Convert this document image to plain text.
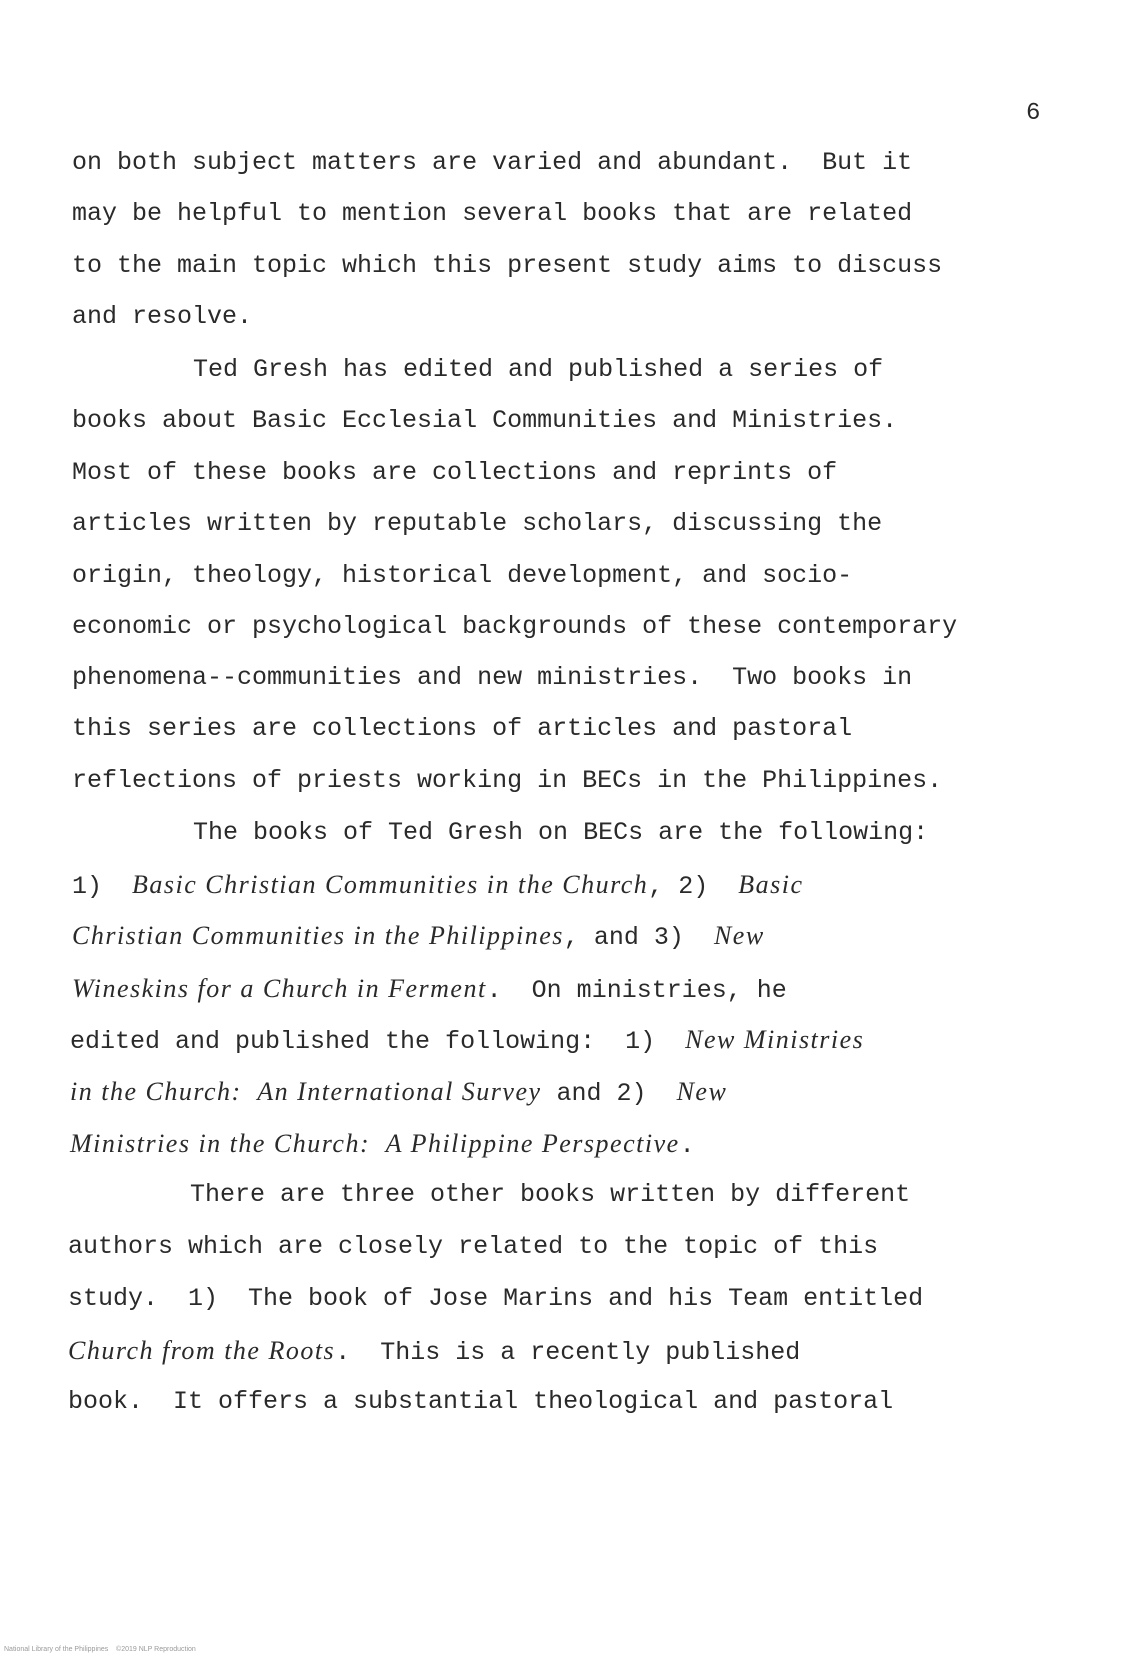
6
on both subject matters are varied and abundant.  But it
may be helpful to mention several books that are related
to the main topic which this present study aims to discuss
and resolve.
Ted Gresh has edited and published a series of
books about Basic Ecclesial Communities and Ministries.
Most of these books are collections and reprints of
articles written by reputable scholars, discussing the
origin, theology, historical development, and socio-
economic or psychological backgrounds of these contemporary
phenomena--communities and new ministries.  Two books in
this series are collections of articles and pastoral
reflections of priests working in BECs in the Philippines.
The books of Ted Gresh on BECs are the following:
1)  Basic Christian Communities in the Church, 2)  Basic
Christian Communities in the Philippines, and 3)  New
Wineskins for a Church in Ferment.  On ministries, he
edited and published the following:  1)  New Ministries
in the Church:  An International Survey and 2)  New
Ministries in the Church:  A Philippine Perspective.
There are three other books written by different
authors which are closely related to the topic of this
study.  1)  The book of Jose Marins and his Team entitled
Church from the Roots.  This is a recently published
book.  It offers a substantial theological and pastoral
National Library of the Philippines    ©2019 NLP Reproduction
